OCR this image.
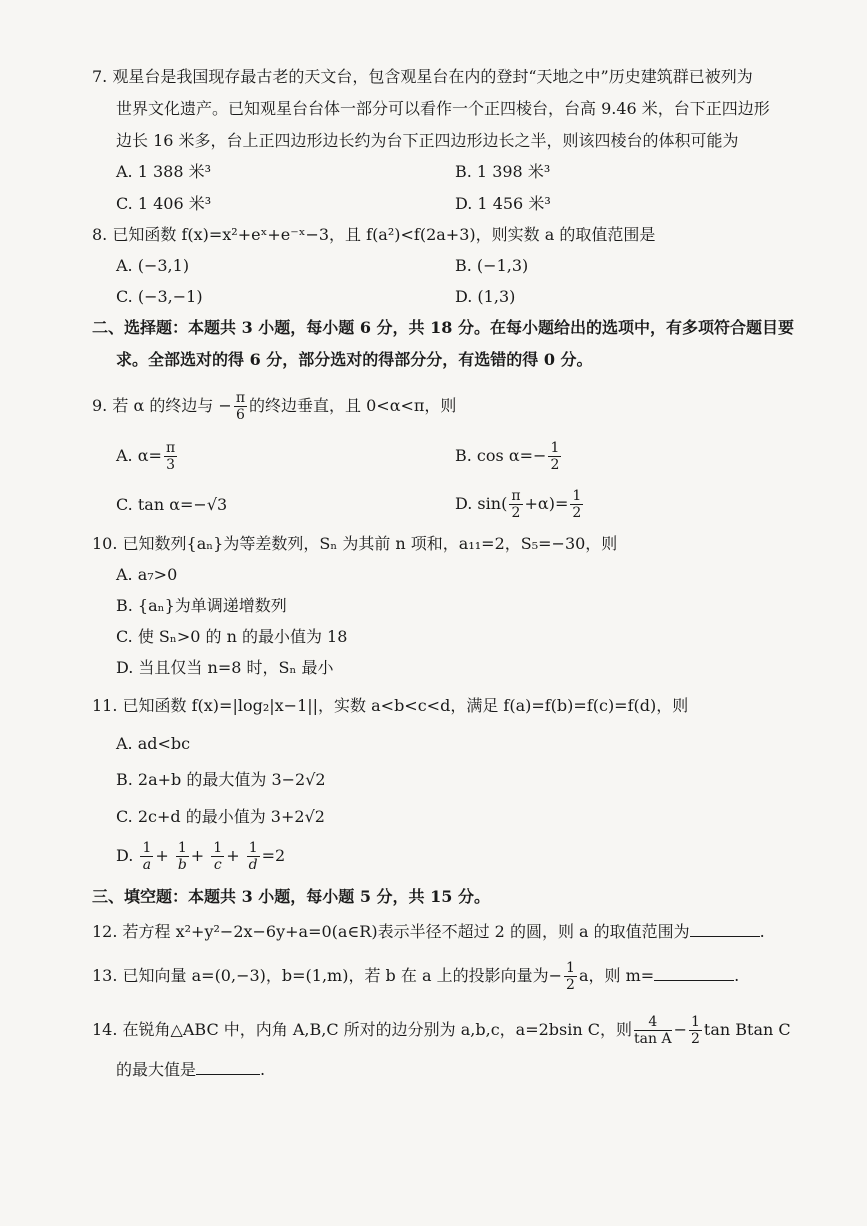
7. 观星台是我国现存最古老的天文台，包含观星台在内的登封“天地之中”历史建筑群已被列为
世界文化遗产。已知观星台台体一部分可以看作一个正四棱台，台高 9.46 米，台下正四边形
边长 16 米多，台上正四边形边长约为台下正四边形边长之半，则该四棱台的体积可能为
A. 1 388 米³	B. 1 398 米³
C. 1 406 米³	D. 1 456 米³
8. 已知函数 f(x)=x²+eˣ+e⁻ˣ−3，且 f(a²)<f(2a+3)，则实数 a 的取值范围是
A. (−3,1)	B. (−1,3)
C. (−3,−1)	D. (1,3)
二、选择题：本题共 3 小题，每小题 6 分，共 18 分。在每小题给出的选项中，有多项符合题目要
求。全部选对的得 6 分，部分选对的得部分分，有选错的得 0 分。
9. 若 α 的终边与 − $\frac{\pi}{6}$ 的终边垂直，且 0<α<π，则
A. $\alpha= \frac{\pi}{3}$	B. $\cos \alpha=- \frac{1}{2}$
C. tan α=−√3	D. $\sin( \frac{\pi}{2} +\alpha)= \frac{1}{2}$
10. 已知数列{aₙ}为等差数列，Sₙ 为其前 n 项和，a₁₁=2，S₅=−30，则
A. a₇>0
B. {aₙ}为单调递增数列
C. 使 Sₙ>0 的 n 的最小值为 18
D. 当且仅当 n=8 时，Sₙ 最小
11. 已知函数 f(x)=|log₂|x−1||，实数 a<b<c<d，满足 f(a)=f(b)=f(c)=f(d)，则
A. ad<bc
B. 2a+b 的最大值为 3−2√2
C. 2c+d 的最小值为 3+2√2
D. $\frac{1}{a} + \frac{1}{b} + \frac{1}{c} + \frac{1}{d} =2$
三、填空题：本题共 3 小题，每小题 5 分，共 15 分。
12. 若方程 x²+y²−2x−6y+a=0(a∈R)表示半径不超过 2 的圆，则 a 的取值范围为	.
13. 已知向量 a=(0,−3)，b=(1,m)，若 b 在 a 上的投影向量为− $\frac{1}{2}$ a，则 m=	.
14. 在锐角△ABC 中，内角 A,B,C 所对的边分别为 a,b,c，a=2bsin C，则 $\frac{4}{\text{tan A}} - \frac{1}{2}$ tan Btan C
的最大值是	.
